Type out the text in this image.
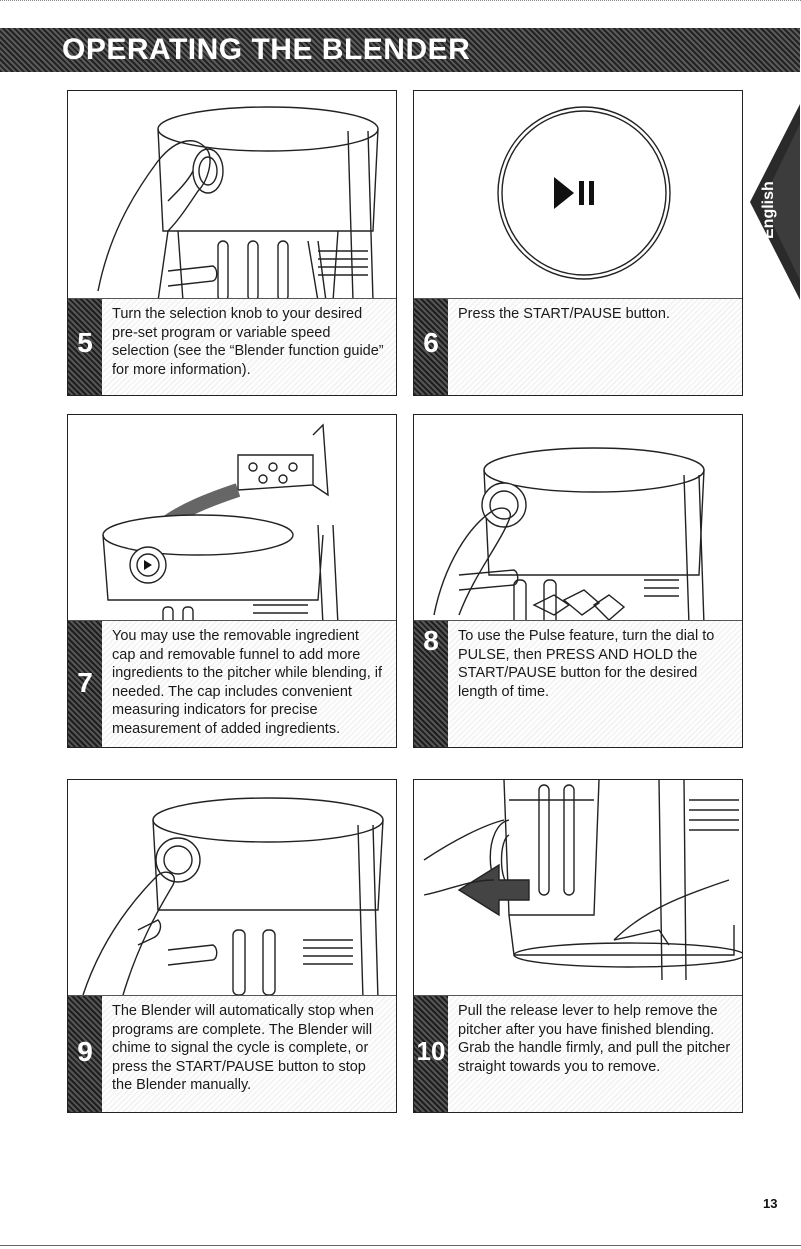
OPERATING THE BLENDER
English
5
Turn the selection knob to your desired pre-set program or variable speed selection (see the “Blender function guide” for more information).
6
Press the START/PAUSE button.
7
You may use the removable ingredient cap and removable funnel to add more ingredients to the pitcher while blending, if needed. The cap includes convenient measuring indicators for precise measurement of added ingredients.
8	To use the Pulse feature, turn the dial to PULSE, then PRESS AND HOLD the START/PAUSE button for the desired length of time.
9
The Blender will automatically stop when programs are complete. The Blender will chime to signal the cycle is complete, or press the START/PAUSE button to stop the Blender manually.
10
Pull the release lever to help remove the pitcher after you have finished blending. Grab the handle firmly, and pull the pitcher straight towards you to remove.
13
